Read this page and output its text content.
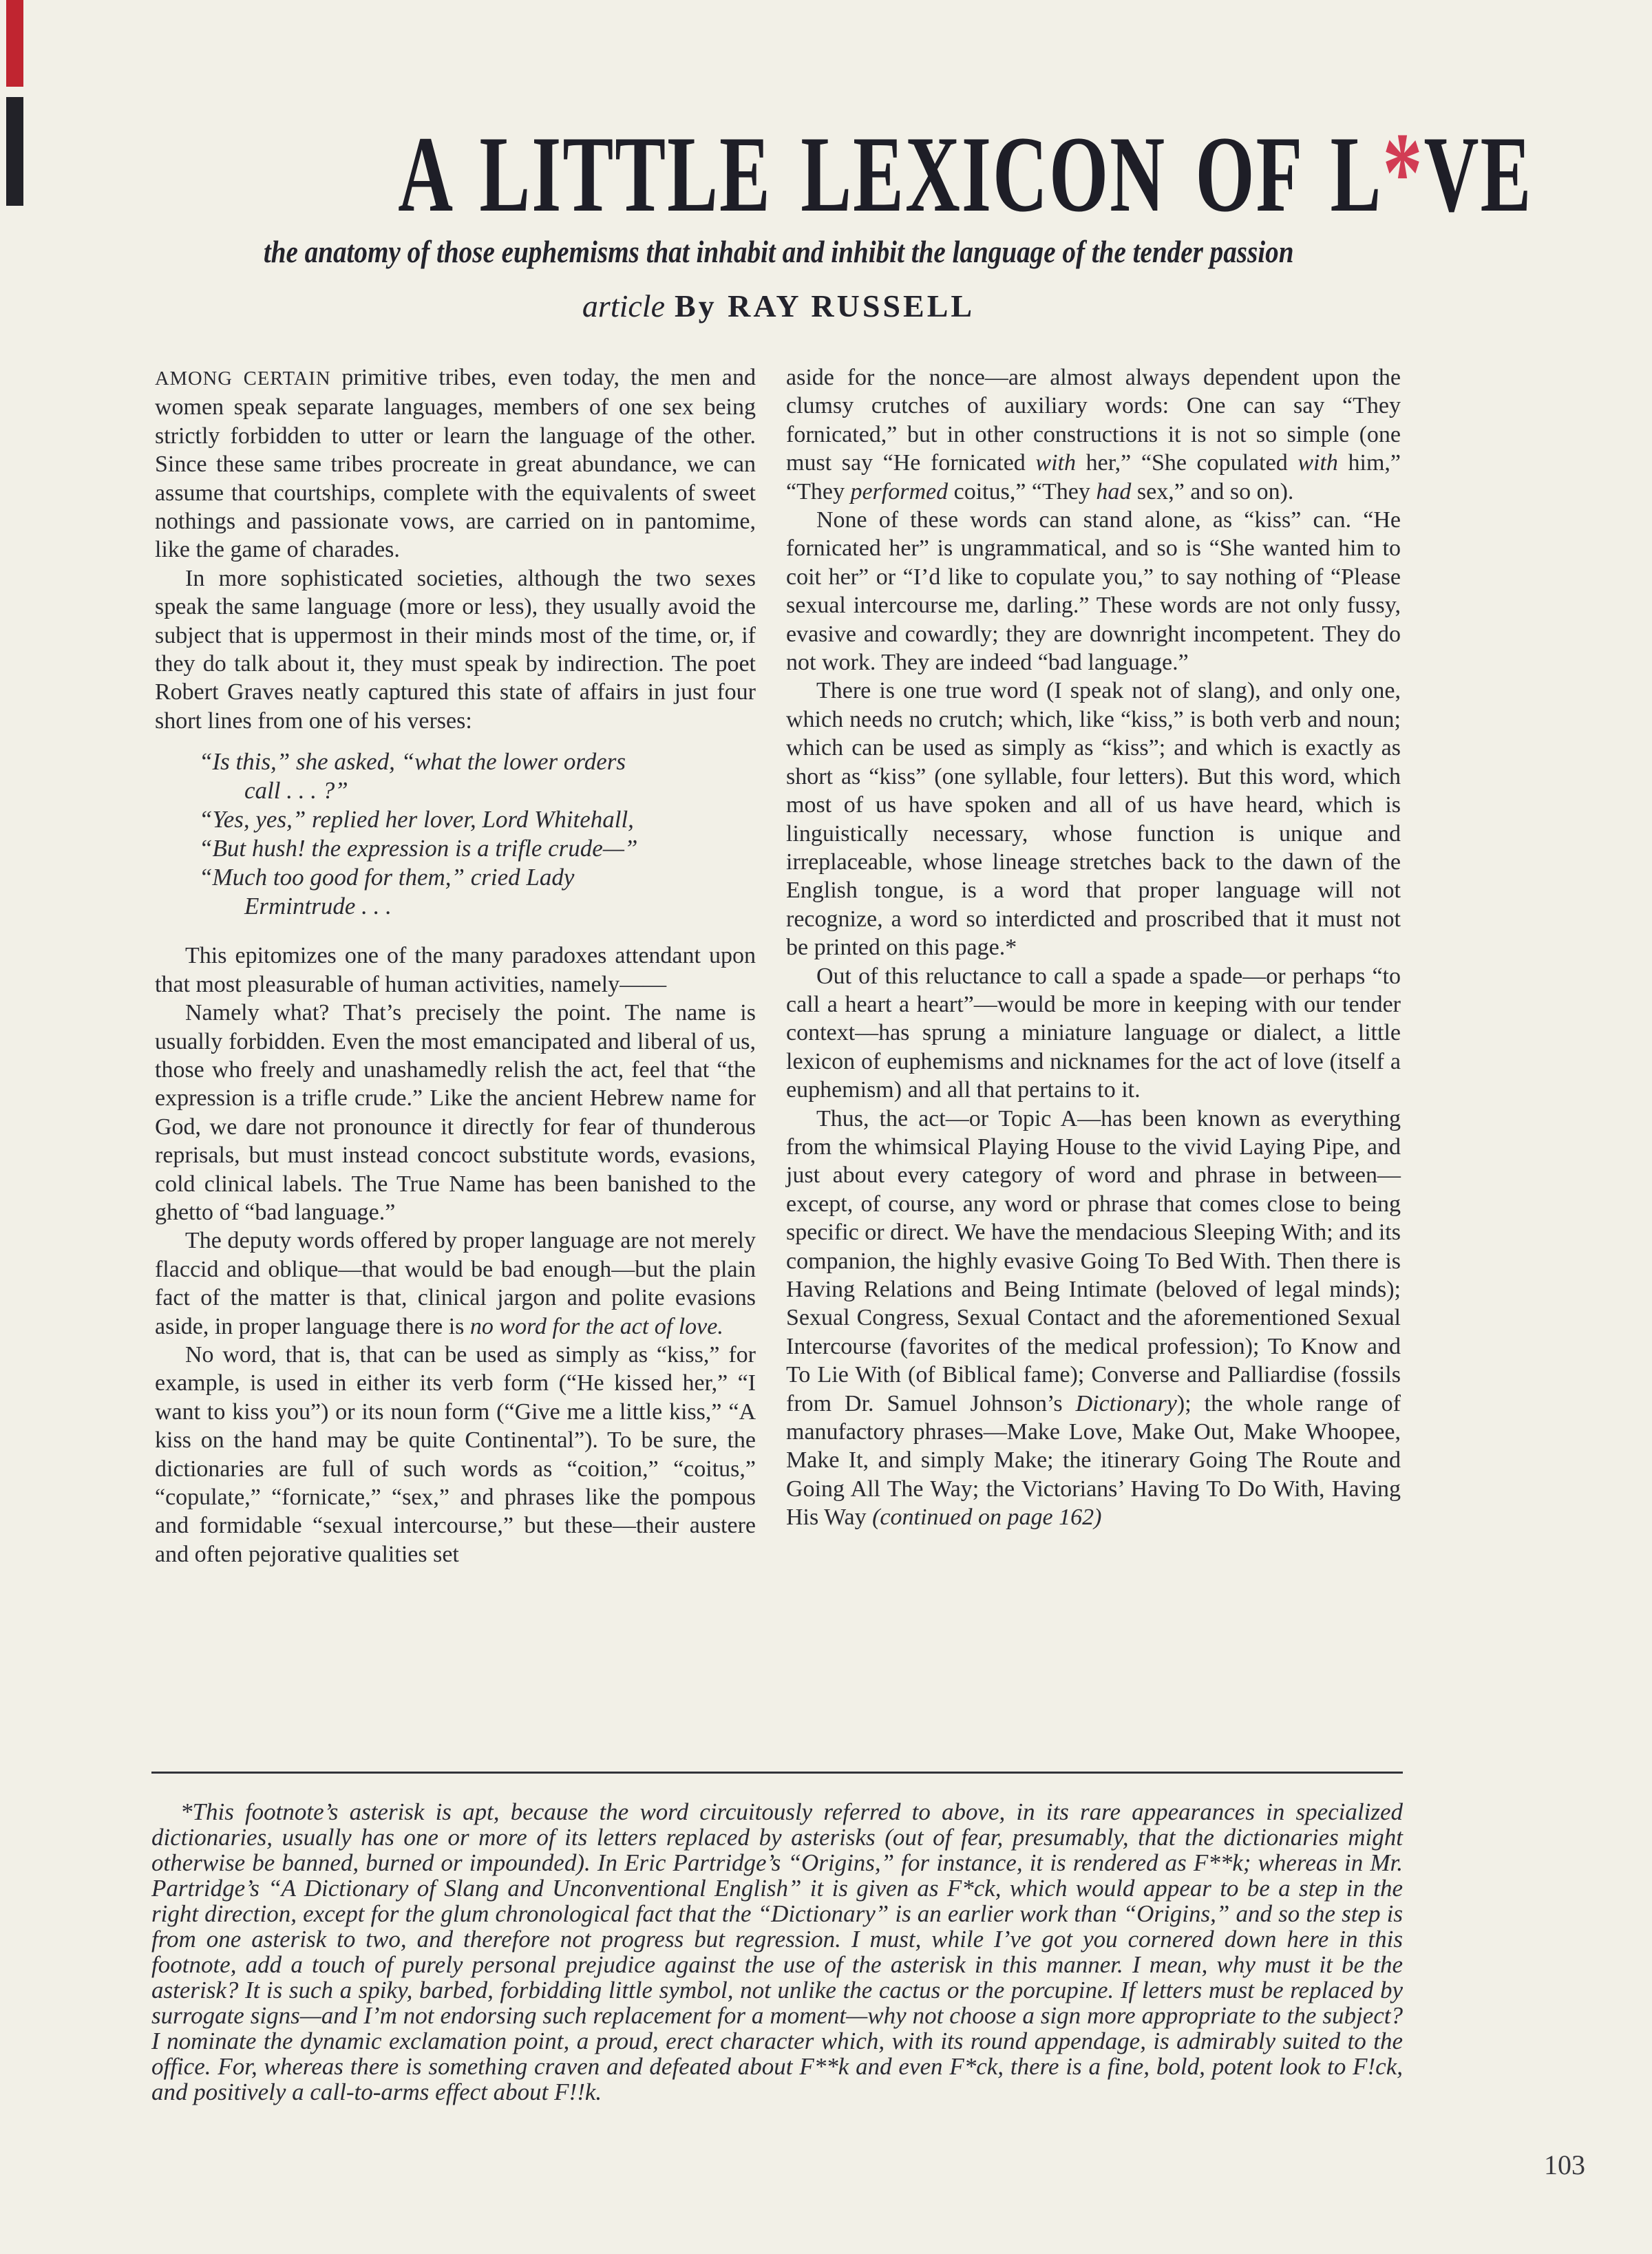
A LITTLE LEXICON OF L*VE

the anatomy of those euphemisms that inhabit and inhibit the language of the tender passion

article By RAY RUSSELL

AMONG CERTAIN primitive tribes, even today, the men and women speak separate languages, members of one sex being strictly forbidden to utter or learn the language of the other. Since these same tribes procreate in great abundance, we can assume that courtships, complete with the equivalents of sweet nothings and passionate vows, are carried on in pantomime, like the game of charades.

In more sophisticated societies, although the two sexes speak the same language (more or less), they usually avoid the subject that is uppermost in their minds most of the time, or, if they do talk about it, they must speak by indirection. The poet Robert Graves neatly captured this state of affairs in just four short lines from one of his verses:

“Is this,” she asked, “what the lower orders
call . . . ?”
“Yes, yes,” replied her lover, Lord Whitehall,
“But hush! the expression is a trifle crude—”
“Much too good for them,” cried Lady
Ermintrude . . .

This epitomizes one of the many paradoxes attendant upon that most pleasurable of human activities, namely——

Namely what? That’s precisely the point. The name is usually forbidden. Even the most emancipated and liberal of us, those who freely and unashamedly relish the act, feel that “the expression is a trifle crude.” Like the ancient Hebrew name for God, we dare not pronounce it directly for fear of thunderous reprisals, but must instead concoct substitute words, evasions, cold clinical labels. The True Name has been banished to the ghetto of “bad language.”

The deputy words offered by proper language are not merely flaccid and oblique—that would be bad enough—but the plain fact of the matter is that, clinical jargon and polite evasions aside, in proper language there is no word for the act of love.

No word, that is, that can be used as simply as “kiss,” for example, is used in either its verb form (“He kissed her,” “I want to kiss you”) or its noun form (“Give me a little kiss,” “A kiss on the hand may be quite Continental”). To be sure, the dictionaries are full of such words as “coition,” “coitus,” “copulate,” “fornicate,” “sex,” and phrases like the pompous and formidable “sexual intercourse,” but these—their austere and often pejorative qualities set

aside for the nonce—are almost always dependent upon the clumsy crutches of auxiliary words: One can say “They fornicated,” but in other constructions it is not so simple (one must say “He fornicated with her,” “She copulated with him,” “They performed coitus,” “They had sex,” and so on).

None of these words can stand alone, as “kiss” can. “He fornicated her” is ungrammatical, and so is “She wanted him to coit her” or “I’d like to copulate you,” to say nothing of “Please sexual intercourse me, darling.” These words are not only fussy, evasive and cowardly; they are downright incompetent. They do not work. They are indeed “bad language.”

There is one true word (I speak not of slang), and only one, which needs no crutch; which, like “kiss,” is both verb and noun; which can be used as simply as “kiss”; and which is exactly as short as “kiss” (one syllable, four letters). But this word, which most of us have spoken and all of us have heard, which is linguistically necessary, whose function is unique and irreplaceable, whose lineage stretches back to the dawn of the English tongue, is a word that proper language will not recognize, a word so interdicted and proscribed that it must not be printed on this page.*

Out of this reluctance to call a spade a spade—or perhaps “to call a heart a heart”—would be more in keeping with our tender context—has sprung a miniature language or dialect, a little lexicon of euphemisms and nicknames for the act of love (itself a euphemism) and all that pertains to it.

Thus, the act—or Topic A—has been known as everything from the whimsical Playing House to the vivid Laying Pipe, and just about every category of word and phrase in between—except, of course, any word or phrase that comes close to being specific or direct. We have the mendacious Sleeping With; and its companion, the highly evasive Going To Bed With. Then there is Having Relations and Being Intimate (beloved of legal minds); Sexual Congress, Sexual Contact and the aforementioned Sexual Intercourse (favorites of the medical profession); To Know and To Lie With (of Biblical fame); Converse and Palliardise (fossils from Dr. Samuel Johnson’s Dictionary); the whole range of manufactory phrases—Make Love, Make Out, Make Whoopee, Make It, and simply Make; the itinerary Going The Route and Going All The Way; the Victorians’ Having To Do With, Having His Way (continued on page 162)

*This footnote’s asterisk is apt, because the word circuitously referred to above, in its rare appearances in specialized dictionaries, usually has one or more of its letters replaced by asterisks (out of fear, presumably, that the dictionaries might otherwise be banned, burned or impounded). In Eric Partridge’s “Origins,” for instance, it is rendered as F**k; whereas in Mr. Partridge’s “A Dictionary of Slang and Unconventional English” it is given as F*ck, which would appear to be a step in the right direction, except for the glum chronological fact that the “Dictionary” is an earlier work than “Origins,” and so the step is from one asterisk to two, and therefore not progress but regression. I must, while I’ve got you cornered down here in this footnote, add a touch of purely personal prejudice against the use of the asterisk in this manner. I mean, why must it be the asterisk? It is such a spiky, barbed, forbidding little symbol, not unlike the cactus or the porcupine. If letters must be replaced by surrogate signs—and I’m not endorsing such replacement for a moment—why not choose a sign more appropriate to the subject? I nominate the dynamic exclamation point, a proud, erect character which, with its round appendage, is admirably suited to the office. For, whereas there is something craven and defeated about F**k and even F*ck, there is a fine, bold, potent look to F!ck, and positively a call-to-arms effect about F!!k.

103
